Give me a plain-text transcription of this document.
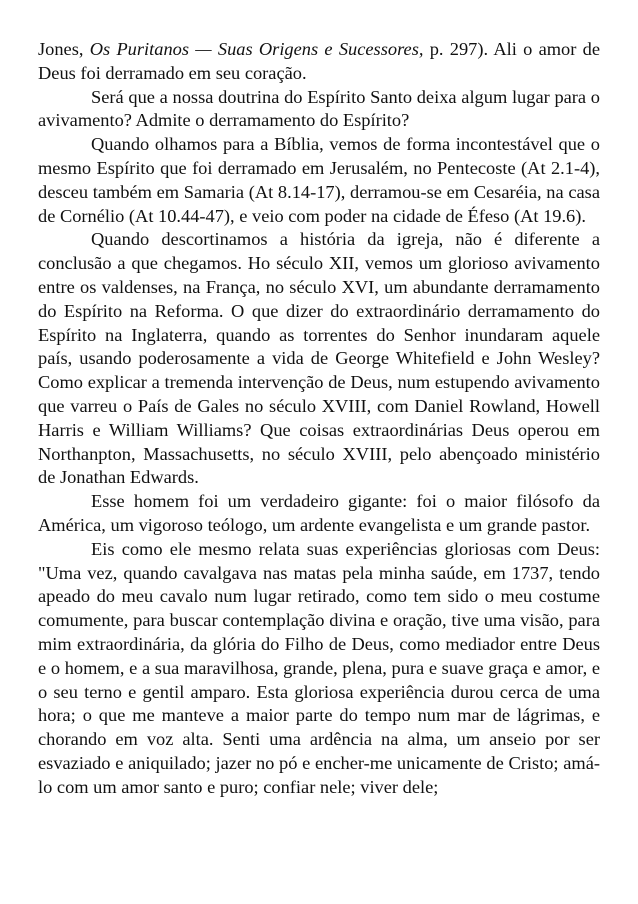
Jones, Os Puritanos — Suas Origens e Sucessores, p. 297). Ali o amor de Deus foi derramado em seu coração.

Será que a nossa doutrina do Espírito Santo deixa algum lugar para o avivamento? Admite o derramamento do Espírito?

Quando olhamos para a Bíblia, vemos de forma incontestável que o mesmo Espírito que foi derramado em Jerusalém, no Pentecoste (At 2.1-4), desceu também em Samaria (At 8.14-17), derramou-se em Cesaréia, na casa de Cornélio (At 10.44-47), e veio com poder na cidade de Éfeso (At 19.6).

Quando descortinamos a história da igreja, não é diferente a conclusão a que chegamos. Ho século XII, vemos um glorioso avivamento entre os valdenses, na França, no século XVI, um abundante derramamento do Espírito na Reforma. O que dizer do extraordinário derramamento do Espírito na Inglaterra, quando as torrentes do Senhor inundaram aquele país, usando poderosamente a vida de George Whitefield e John Wesley? Como explicar a tremenda intervenção de Deus, num estupendo avivamento que varreu o País de Gales no século XVIII, com Daniel Rowland, Howell Harris e William Williams? Que coisas extraordinárias Deus operou em Northanpton, Massachusetts, no século XVIII, pelo abençoado ministério de Jonathan Edwards.

Esse homem foi um verdadeiro gigante: foi o maior filósofo da América, um vigoroso teólogo, um ardente evangelista e um grande pastor.

Eis como ele mesmo relata suas experiências gloriosas com Deus: "Uma vez, quando cavalgava nas matas pela minha saúde, em 1737, tendo apeado do meu cavalo num lugar retirado, como tem sido o meu costume comumente, para buscar contemplação divina e oração, tive uma visão, para mim extraordinária, da glória do Filho de Deus, como mediador entre Deus e o homem, e a sua maravilhosa, grande, plena, pura e suave graça e amor, e o seu terno e gentil amparo. Esta gloriosa experiência durou cerca de uma hora; o que me manteve a maior parte do tempo num mar de lágrimas, e chorando em voz alta. Senti uma ardência na alma, um anseio por ser esvaziado e aniquilado; jazer no pó e encher-me unicamente de Cristo; amá-lo com um amor santo e puro; confiar nele; viver dele;
